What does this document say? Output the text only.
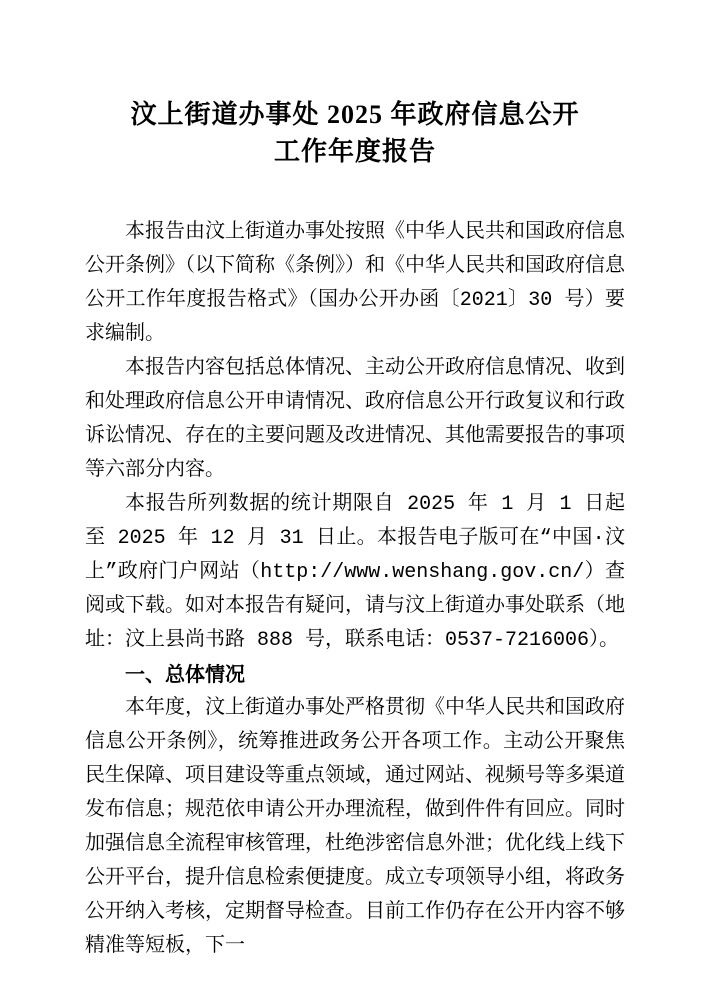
汶上街道办事处 2025 年政府信息公开
工作年度报告

本报告由汶上街道办事处按照《中华人民共和国政府信息公开条例》（以下简称《条例》）和《中华人民共和国政府信息公开工作年度报告格式》（国办公开办函〔2021〕30 号）要求编制。

本报告内容包括总体情况、主动公开政府信息情况、收到和处理政府信息公开申请情况、政府信息公开行政复议和行政诉讼情况、存在的主要问题及改进情况、其他需要报告的事项等六部分内容。

本报告所列数据的统计期限自 2025 年 1 月 1 日起至 2025 年 12 月 31 日止。本报告电子版可在“中国·汶上”政府门户网站（http://www.wenshang.gov.cn/）查阅或下载。如对本报告有疑问，请与汶上街道办事处联系（地址：汶上县尚书路 888 号，联系电话：0537-7216006）。

一、总体情况

本年度，汶上街道办事处严格贯彻《中华人民共和国政府信息公开条例》，统筹推进政务公开各项工作。主动公开聚焦民生保障、项目建设等重点领域，通过网站、视频号等多渠道发布信息；规范依申请公开办理流程，做到件件有回应。同时加强信息全流程审核管理，杜绝涉密信息外泄；优化线上线下公开平台，提升信息检索便捷度。成立专项领导小组，将政务公开纳入考核，定期督导检查。目前工作仍存在公开内容不够精准等短板，下一
